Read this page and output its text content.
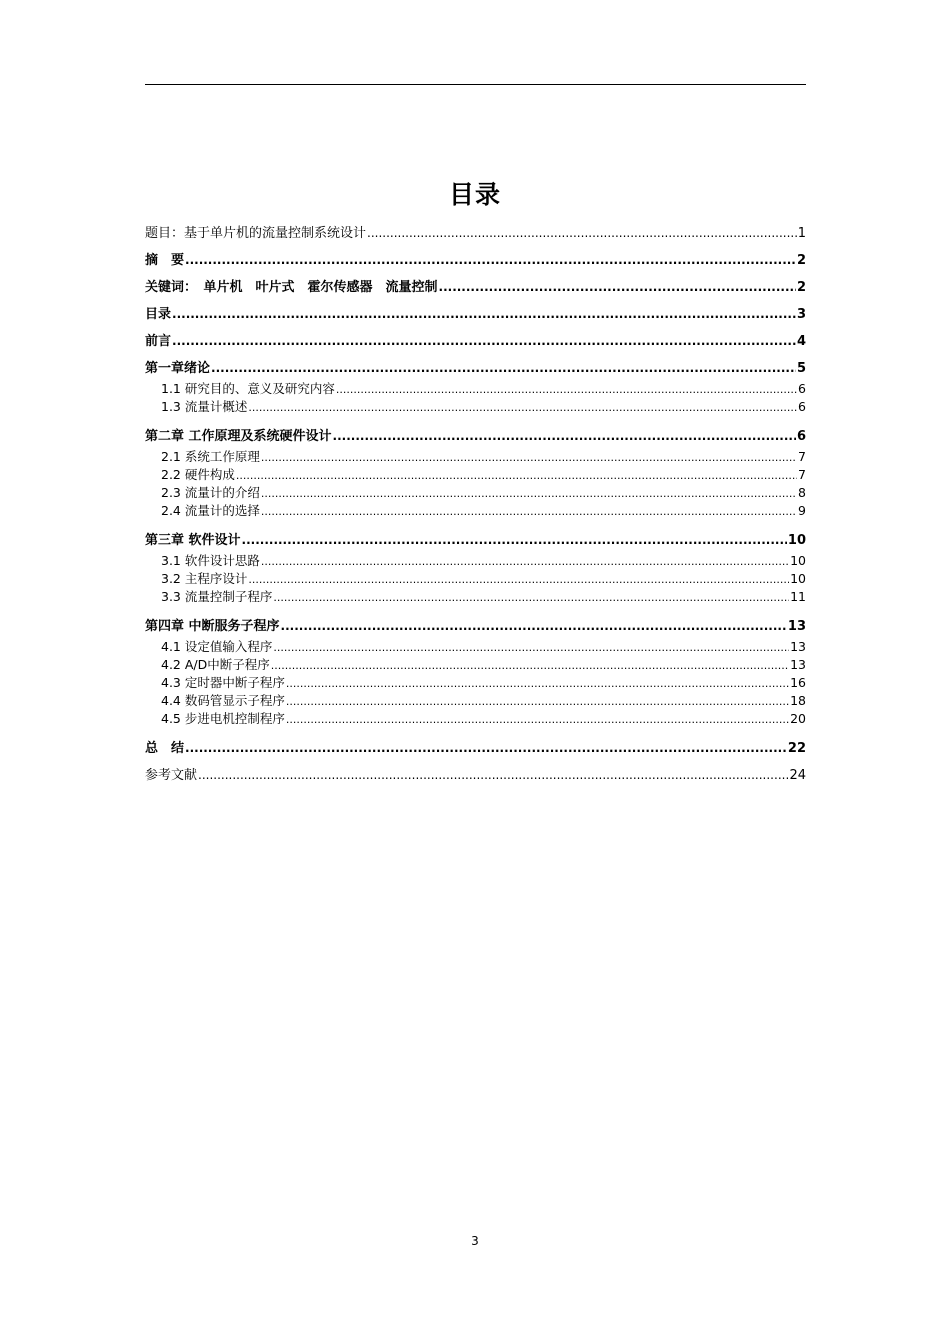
目录
题目：基于单片机的流量控制系统设计 .....	1
摘　要 .....	2
关键词：　单片机　叶片式　霍尔传感器　流量控制 .....	2
目录 .....	3
前言 .....	4
第一章绪论 .....	5
1.1 研究目的、意义及研究内容 .....	6
1.3 流量计概述 .....	6
第二章 工作原理及系统硬件设计 .....	6
2.1 系统工作原理 .....	7
2.2 硬件构成 .....	7
2.3 流量计的介绍 .....	8
2.4 流量计的选择 .....	9
第三章 软件设计 .....	10
3.1 软件设计思路 .....	10
3.2 主程序设计 .....	10
3.3 流量控制子程序 .....	11
第四章 中断服务子程序 .....	13
4.1 设定值输入程序 .....	13
4.2 A/D中断子程序 .....	13
4.3 定时器中断子程序 .....	16
4.4 数码管显示子程序 .....	18
4.5 步进电机控制程序 .....	20
总　结 .....	22
参考文献 .....	24
3
